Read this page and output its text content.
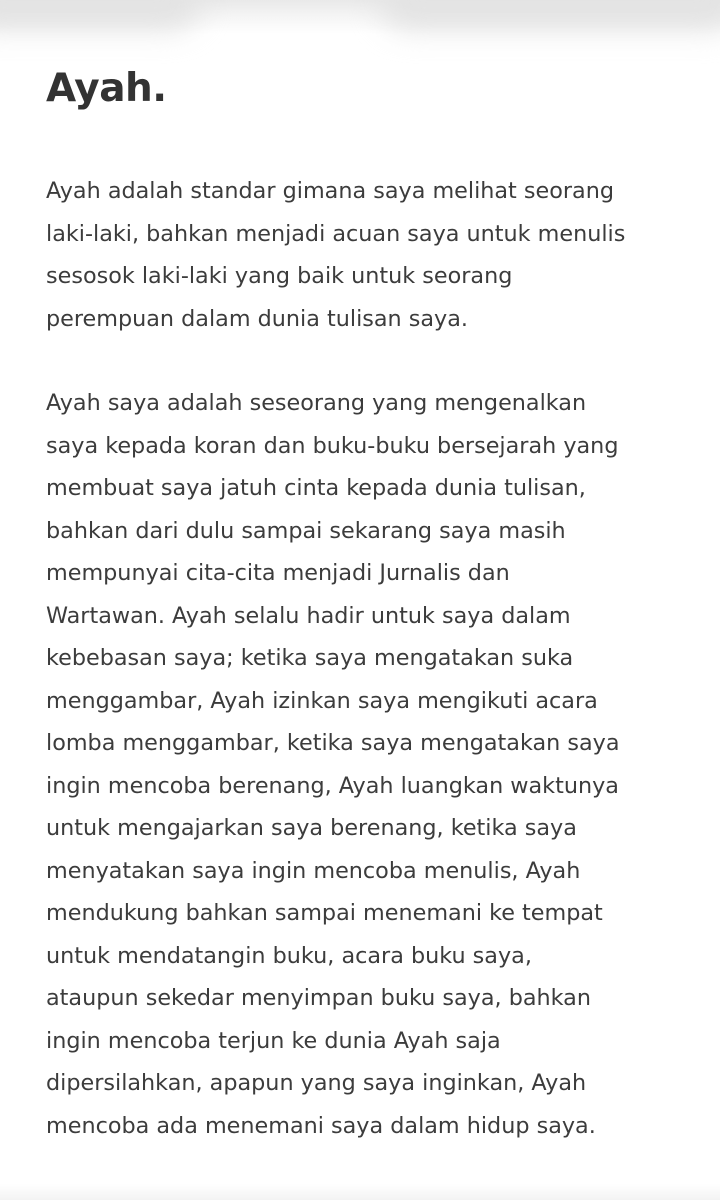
Ayah.

Ayah adalah standar gimana saya melihat seorang
laki-laki, bahkan menjadi acuan saya untuk menulis
sesosok laki-laki yang baik untuk seorang
perempuan dalam dunia tulisan saya.

Ayah saya adalah seseorang yang mengenalkan
saya kepada koran dan buku-buku bersejarah yang
membuat saya jatuh cinta kepada dunia tulisan,
bahkan dari dulu sampai sekarang saya masih
mempunyai cita-cita menjadi Jurnalis dan
Wartawan. Ayah selalu hadir untuk saya dalam
kebebasan saya; ketika saya mengatakan suka
menggambar, Ayah izinkan saya mengikuti acara
lomba menggambar, ketika saya mengatakan saya
ingin mencoba berenang, Ayah luangkan waktunya
untuk mengajarkan saya berenang, ketika saya
menyatakan saya ingin mencoba menulis, Ayah
mendukung bahkan sampai menemani ke tempat
untuk mendatangin buku, acara buku saya,
ataupun sekedar menyimpan buku saya, bahkan
ingin mencoba terjun ke dunia Ayah saja
dipersilahkan, apapun yang saya inginkan, Ayah
mencoba ada menemani saya dalam hidup saya.
